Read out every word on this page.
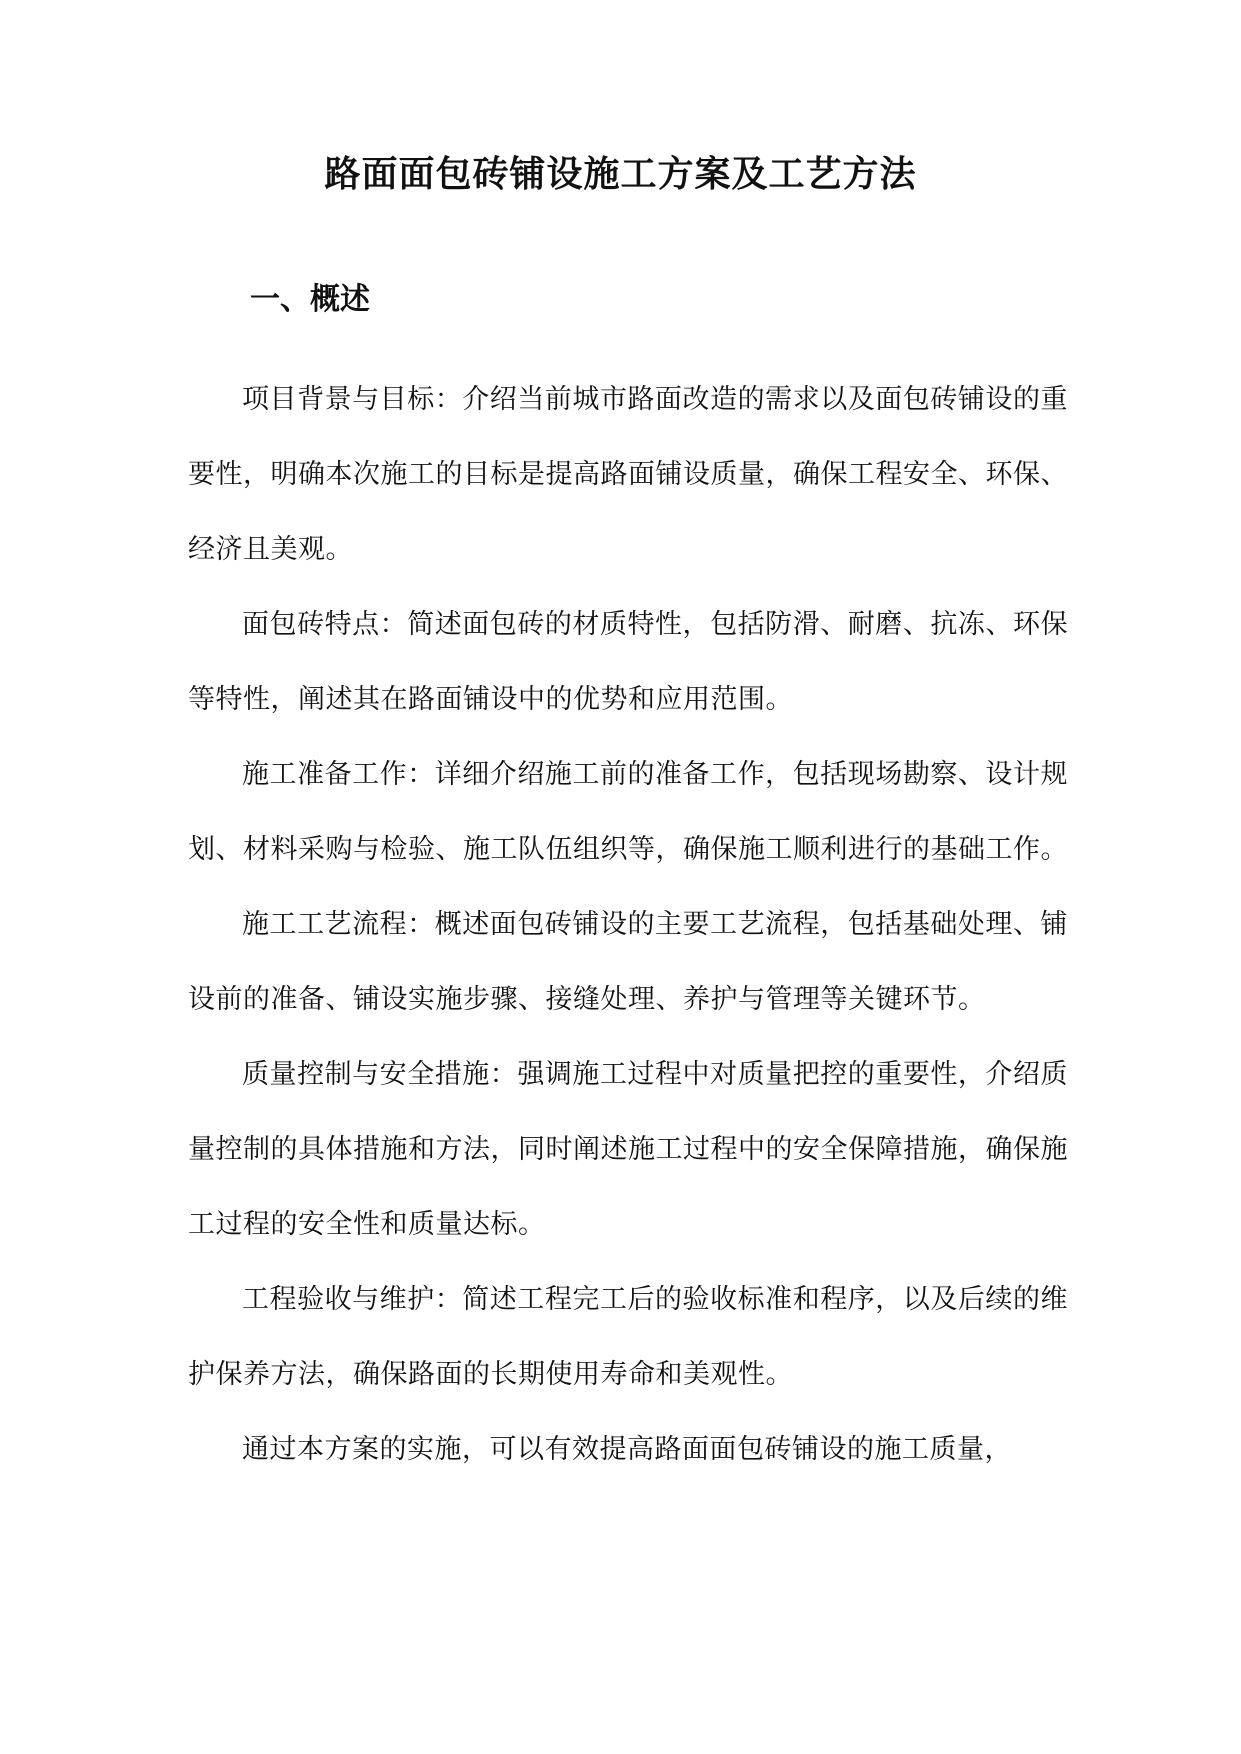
路面面包砖铺设施工方案及工艺方法
一、概述

项目背景与目标：介绍当前城市路面改造的需求以及面包砖铺设的重要性，明确本次施工的目标是提高路面铺设质量，确保工程安全、环保、经济且美观。

面包砖特点：简述面包砖的材质特性，包括防滑、耐磨、抗冻、环保等特性，阐述其在路面铺设中的优势和应用范围。

施工准备工作：详细介绍施工前的准备工作，包括现场勘察、设计规划、材料采购与检验、施工队伍组织等，确保施工顺利进行的基础工作。

施工工艺流程：概述面包砖铺设的主要工艺流程，包括基础处理、铺设前的准备、铺设实施步骤、接缝处理、养护与管理等关键环节。

质量控制与安全措施：强调施工过程中对质量把控的重要性，介绍质量控制的具体措施和方法，同时阐述施工过程中的安全保障措施，确保施工过程的安全性和质量达标。

工程验收与维护：简述工程完工后的验收标准和程序，以及后续的维护保养方法，确保路面的长期使用寿命和美观性。

通过本方案的实施，可以有效提高路面面包砖铺设的施工质量，
